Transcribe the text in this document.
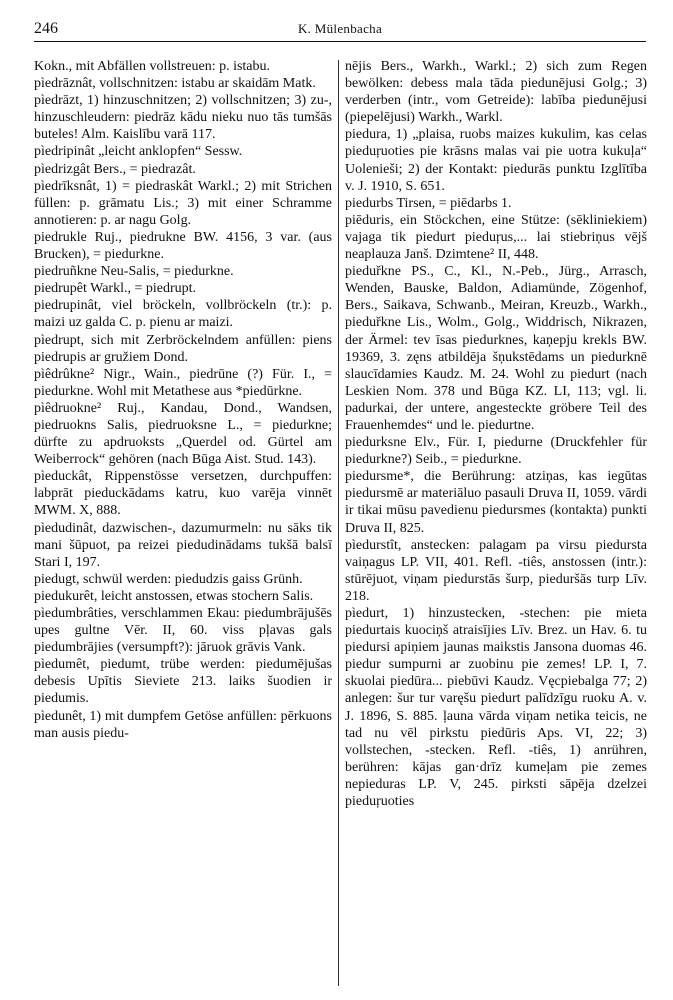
246	K. Mülenbacha

Kokn., mit Abfällen vollstreuen: p. istabu.

pìedrāznât, vollschnitzen: istabu ar skaidām Matk.

pìedrāzt, 1) hinzuschnitzen; 2) vollschnitzen; 3) zu-, hinzuschleudern: piedrāz kādu nieku nuo tās tumšās buteles! Alm. Kaislību varā 117.

pìedripinât „leicht anklopfen“ Sessw.

pìedrizgât Bers., = piedrazât.

pìedrīksnât, 1) = piedraskât Warkl.; 2) mit Strichen füllen: p. grāmatu Lis.; 3) mit einer Schramme annotieren: p. ar nagu Golg.

piedrukle Ruj., piedrukne BW. 4156, 3 var. (aus Brucken), = piedurkne.

piedruñkne Neu-Salis, = piedurkne.

piedrupêt Warkl., = piedrupt.

piedrupinât, viel bröckeln, vollbröckeln (tr.): p. maizi uz galda C. p. pienu ar maizi.

pìedrupt, sich mit Zerbröckelndem anfüllen: piens piedrupis ar gružiem Dond.

pìêdrûkne² Nigr., Wain., piedrūne (?) Für. I., = piedurkne. Wohl mit Metathese aus *piedūrkne.

pìêdruokne² Ruj., Kandau, Dond., Wandsen, piedruokns Salis, piedruoksne L., = piedurkne; dürfte zu apdruoksts „Querdel od. Gürtel am Weiberrock“ gehören (nach Būga Aist. Stud. 143).

pìeduckât, Rippenstösse versetzen, durchpuffen: labprāt pieduckādams katru, kuo varēja vinnēt MWM. X, 888.

pìedudinât, dazwischen-, dazumurmeln: nu sāks tik mani šūpuot, pa reizei piedudinādams tukšā balsī Stari I, 197.

piedugt, schwül werden: piedudzis gaiss Grünh.

piedukurêt, leicht anstossen, etwas stochern Salis.

pìedumbrâties, verschlammen Ekau: piedumbrājušēs upes gultne Vēr. II, 60. viss pļavas gals piedumbrājies (versumpft?): jāruok grāvis Vank.

pìedumêt, piedumt, trübe werden: piedumējušas debesis Upītis Sieviete 213. laiks šuodien ir piedumis.

pìedunêt, 1) mit dumpfem Getöse anfüllen: pērkuons man ausis piedu-

nējis Bers., Warkh., Warkl.; 2) sich zum Regen bewölken: debess mala tāda piedunējusi Golg.; 3) verderben (intr., vom Getreide): labība piedunējusi (piepelējusi) Warkh., Warkl.

piedura, 1) „plaisa, ruobs maizes kukulim, kas celas pieduŗuoties pie krāsns malas vai pie uotra kukuļa“ Uolenieši; 2) der Kontakt: piedurās punktu Izglītība v. J. 1910, S. 651.

piedurbs Tirsen, = piēdarbs 1.

piēduris, ein Stöckchen, eine Stütze: (sēkliniekiem) vajaga tik piedurt pieduŗus,... lai stiebriņus vējš neaplauza Janš. Dzimtene² II, 448.

pieduřkne PS., C., Kl., N.-Peb., Jürg., Arrasch, Wenden, Bauske, Baldon, Adiamünde, Zögenhof, Bers., Saikava, Schwanb., Meiran, Kreuzb., Warkh., pieduřkne Lis., Wolm., Golg., Widdrisch, Nikrazen, der Ärmel: tev īsas piedurknes, kaņepju krekls BW. 19369, 3. zęns atbildēja šņukstēdams un piedurknē slaucīdamies Kaudz. M. 24. Wohl zu piedurt (nach Leskien Nom. 378 und Būga KZ. LI, 113; vgl. li. padurkai, der untere, angesteckte gröbere Teil des Frauenhemdes“ und le. piedurtne.

piedurksne Elv., Für. I, piedurne (Druckfehler für piedurkne?) Seib., = piedurkne.

piedursme*, die Berührung: atziņas, kas iegūtas piedursmē ar materiāluo pasauli Druva II, 1059. vārdi ir tikai mūsu pavedienu piedursmes (kontakta) punkti Druva II, 825.

pìedurstît, anstecken: palagam pa virsu piedursta vaiņagus LP. VII, 401. Refl. -tiês, anstossen (intr.): stūrējuot, viņam piedurstās šurp, pieduršās turp Līv. 218.

pìedurt, 1) hinzustecken, -stechen: pie mieta piedurtais kuociņš atraisījies Līv. Brez. un Hav. 6. tu piedursi apiņiem jaunas maikstis Jansona duomas 46. piedur sumpurni ar zuobinu pie zemes! LP. I, 7. skuolai piedūra... piebūvi Kaudz. Vęcpiebalga 77; 2) anlegen: šur tur varęšu piedurt palīdzīgu ruoku A. v. J. 1896, S. 885. ļauna vārda viņam netika teicis, ne tad nu vēl pirkstu piedūris Aps. VI, 22; 3) vollstechen, -stecken. Refl. -tiês, 1) anrühren, berühren: kājas gan·drīz kumeļam pie zemes nepieduras LP. V, 245. pirksti sāpēja dzelzei pieduŗuoties
